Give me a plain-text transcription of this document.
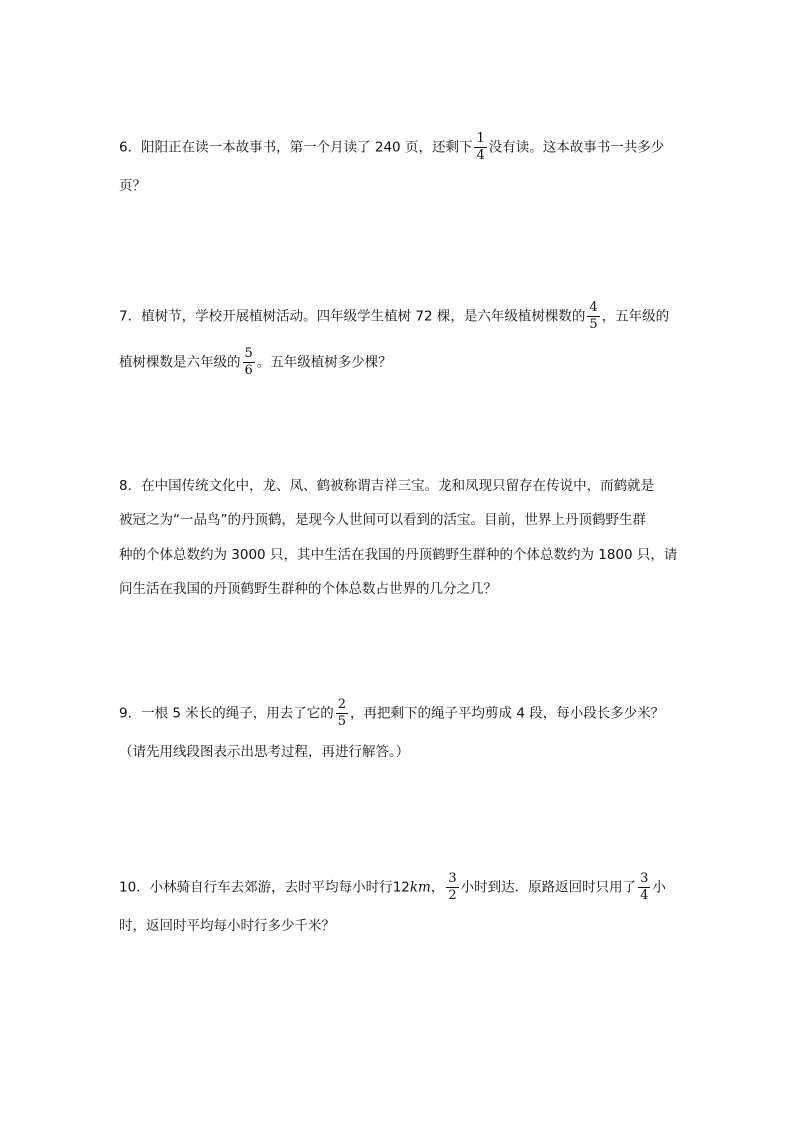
6．阳阳正在读一本故事书，第一个月读了 240 页，还剩下 $\frac{1}{4}$ 没有读。这本故事书一共多少
页？
7．植树节，学校开展植树活动。四年级学生植树 72 棵，是六年级植树棵数的 $\frac{4}{5}$ ，五年级的
植树棵数是六年级的 $\frac{5}{6}$ 。五年级植树多少棵？
8．在中国传统文化中，龙、凤、鹤被称谓吉祥三宝。龙和凤现只留存在传说中，而鹤就是
被冠之为“一品鸟”的丹顶鹤，是现今人世间可以看到的活宝。目前，世界上丹顶鹤野生群
种的个体总数约为 3000 只，其中生活在我国的丹顶鹤野生群种的个体总数约为 1800 只，请
问生活在我国的丹顶鹤野生群种的个体总数占世界的几分之几？
9．一根 5 米长的绳子，用去了它的 $\frac{2}{5}$ ，再把剩下的绳子平均剪成 4 段，每小段长多少米？
（请先用线段图表示出思考过程，再进行解答。）
10．小林骑自行车去郊游，去时平均每小时行12km， $\frac{3}{2}$ 小时到达．原路返回时只用了 $\frac{3}{4}$ 小
时，返回时平均每小时行多少千米？
